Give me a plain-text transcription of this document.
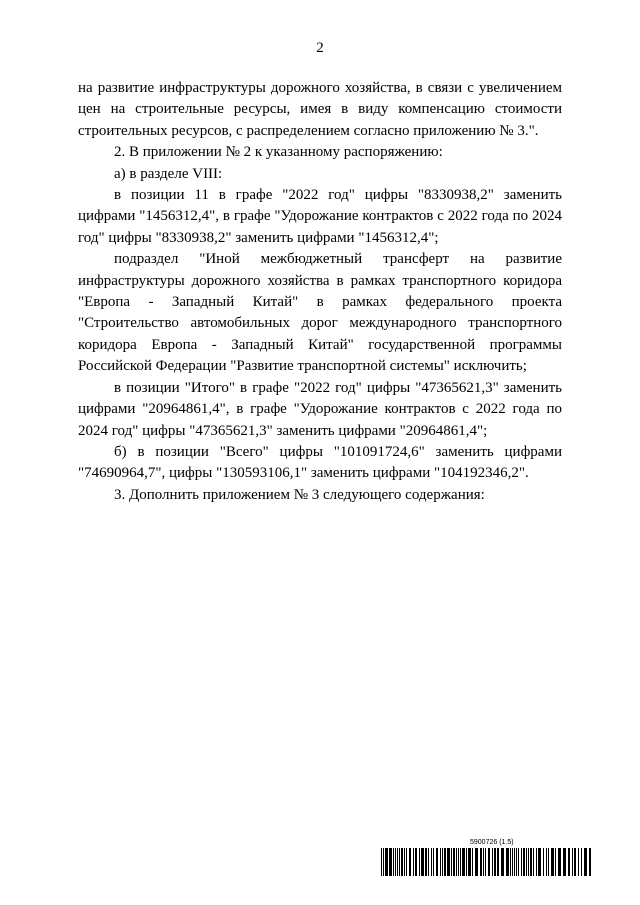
2

на развитие инфраструктуры дорожного хозяйства, в связи с увеличением цен на строительные ресурсы, имея в виду компенсацию стоимости строительных ресурсов, с распределением согласно приложению № 3.".

2. В приложении № 2 к указанному распоряжению:

а) в разделе VIII:

в позиции 11 в графе "2022 год" цифры "8330938,2" заменить цифрами "1456312,4", в графе "Удорожание контрактов с 2022 года по 2024 год" цифры "8330938,2" заменить цифрами "1456312,4";

подраздел "Иной межбюджетный трансферт на развитие инфраструктуры дорожного хозяйства в рамках транспортного коридора "Европа - Западный Китай" в рамках федерального проекта "Строительство автомобильных дорог международного транспортного коридора Европа - Западный Китай" государственной программы Российской Федерации "Развитие транспортной системы" исключить;

в позиции "Итого" в графе "2022 год" цифры "47365621,3" заменить цифрами "20964861,4", в графе "Удорожание контрактов с 2022 года по 2024 год" цифры "47365621,3" заменить цифрами "20964861,4";

б) в позиции "Всего" цифры "101091724,6" заменить цифрами "74690964,7", цифры "130593106,1" заменить цифрами "104192346,2".

3. Дополнить приложением № 3 следующего содержания:

5900726 (1.5)
